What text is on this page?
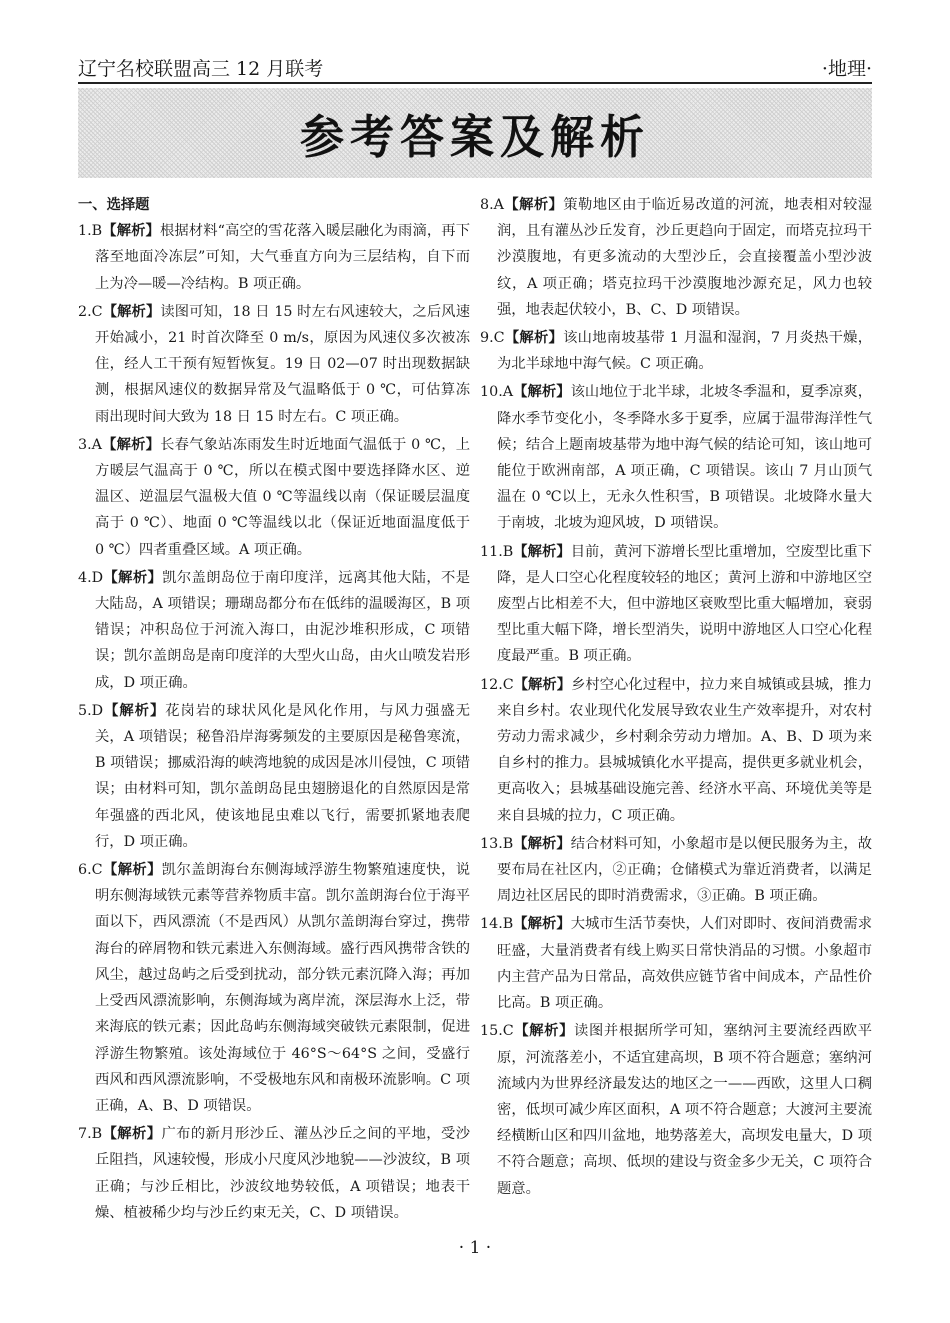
辽宁名校联盟高三 12 月联考	·地理·
参考答案及解析

一、选择题

1.B【解析】根据材料“高空的雪花落入暖层融化为雨滴，再下落至地面冷冻层”可知，大气垂直方向为三层结构，自下而上为冷—暖—冷结构。B 项正确。

2.C【解析】读图可知，18 日 15 时左右风速较大，之后风速开始减小，21 时首次降至 0 m/s，原因为风速仪多次被冻住，经人工干预有短暂恢复。19 日 02—07 时出现数据缺测，根据风速仪的数据异常及气温略低于 0 ℃，可估算冻雨出现时间大致为 18 日 15 时左右。C 项正确。

3.A【解析】长春气象站冻雨发生时近地面气温低于 0 ℃，上方暖层气温高于 0 ℃，所以在模式图中要选择降水区、逆温区、逆温层气温极大值 0 ℃等温线以南（保证暖层温度高于 0 ℃）、地面 0 ℃等温线以北（保证近地面温度低于 0 ℃）四者重叠区域。A 项正确。

4.D【解析】凯尔盖朗岛位于南印度洋，远离其他大陆，不是大陆岛，A 项错误；珊瑚岛都分布在低纬的温暖海区，B 项错误；冲积岛位于河流入海口，由泥沙堆积形成，C 项错误；凯尔盖朗岛是南印度洋的大型火山岛，由火山喷发岩形成，D 项正确。

5.D【解析】花岗岩的球状风化是风化作用，与风力强盛无关，A 项错误；秘鲁沿岸海雾频发的主要原因是秘鲁寒流，B 项错误；挪威沿海的峡湾地貌的成因是冰川侵蚀，C 项错误；由材料可知，凯尔盖朗岛昆虫翅膀退化的自然原因是常年强盛的西北风，使该地昆虫难以飞行，需要抓紧地表爬行，D 项正确。

6.C【解析】凯尔盖朗海台东侧海域浮游生物繁殖速度快，说明东侧海域铁元素等营养物质丰富。凯尔盖朗海台位于海平面以下，西风漂流（不是西风）从凯尔盖朗海台穿过，携带海台的碎屑物和铁元素进入东侧海域。盛行西风携带含铁的风尘，越过岛屿之后受到扰动，部分铁元素沉降入海；再加上受西风漂流影响，东侧海域为离岸流，深层海水上泛，带来海底的铁元素；因此岛屿东侧海域突破铁元素限制，促进浮游生物繁殖。该处海域位于 46°S～64°S 之间，受盛行西风和西风漂流影响，不受极地东风和南极环流影响。C 项正确，A、B、D 项错误。

7.B【解析】广布的新月形沙丘、灌丛沙丘之间的平地，受沙丘阻挡，风速较慢，形成小尺度风沙地貌——沙波纹，B 项正确；与沙丘相比，沙波纹地势较低，A 项错误；地表干燥、植被稀少均与沙丘约束无关，C、D 项错误。

8.A【解析】策勒地区由于临近易改道的河流，地表相对较湿润，且有灌丛沙丘发育，沙丘更趋向于固定，而塔克拉玛干沙漠腹地，有更多流动的大型沙丘，会直接覆盖小型沙波纹，A 项正确；塔克拉玛干沙漠腹地沙源充足，风力也较强，地表起伏较小，B、C、D 项错误。

9.C【解析】该山地南坡基带 1 月温和湿润，7 月炎热干燥，为北半球地中海气候。C 项正确。

10.A【解析】该山地位于北半球，北坡冬季温和，夏季凉爽，降水季节变化小，冬季降水多于夏季，应属于温带海洋性气候；结合上题南坡基带为地中海气候的结论可知，该山地可能位于欧洲南部，A 项正确，C 项错误。该山 7 月山顶气温在 0 ℃以上，无永久性积雪，B 项错误。北坡降水量大于南坡，北坡为迎风坡，D 项错误。

11.B【解析】目前，黄河下游增长型比重增加，空废型比重下降，是人口空心化程度较轻的地区；黄河上游和中游地区空废型占比相差不大，但中游地区衰败型比重大幅增加，衰弱型比重大幅下降，增长型消失，说明中游地区人口空心化程度最严重。B 项正确。

12.C【解析】乡村空心化过程中，拉力来自城镇或县城，推力来自乡村。农业现代化发展导致农业生产效率提升，对农村劳动力需求减少，乡村剩余劳动力增加。A、B、D 项为来自乡村的推力。县城城镇化水平提高，提供更多就业机会，更高收入；县城基础设施完善、经济水平高、环境优美等是来自县城的拉力，C 项正确。

13.B【解析】结合材料可知，小象超市是以便民服务为主，故要布局在社区内，②正确；仓储模式为靠近消费者，以满足周边社区居民的即时消费需求，③正确。B 项正确。

14.B【解析】大城市生活节奏快，人们对即时、夜间消费需求旺盛，大量消费者有线上购买日常快消品的习惯。小象超市内主营产品为日常品，高效供应链节省中间成本，产品性价比高。B 项正确。

15.C【解析】读图并根据所学可知，塞纳河主要流经西欧平原，河流落差小，不适宜建高坝，B 项不符合题意；塞纳河流域内为世界经济最发达的地区之一——西欧，这里人口稠密，低坝可减少库区面积，A 项不符合题意；大渡河主要流经横断山区和四川盆地，地势落差大，高坝发电量大，D 项不符合题意；高坝、低坝的建设与资金多少无关，C 项符合题意。

· 1 ·
